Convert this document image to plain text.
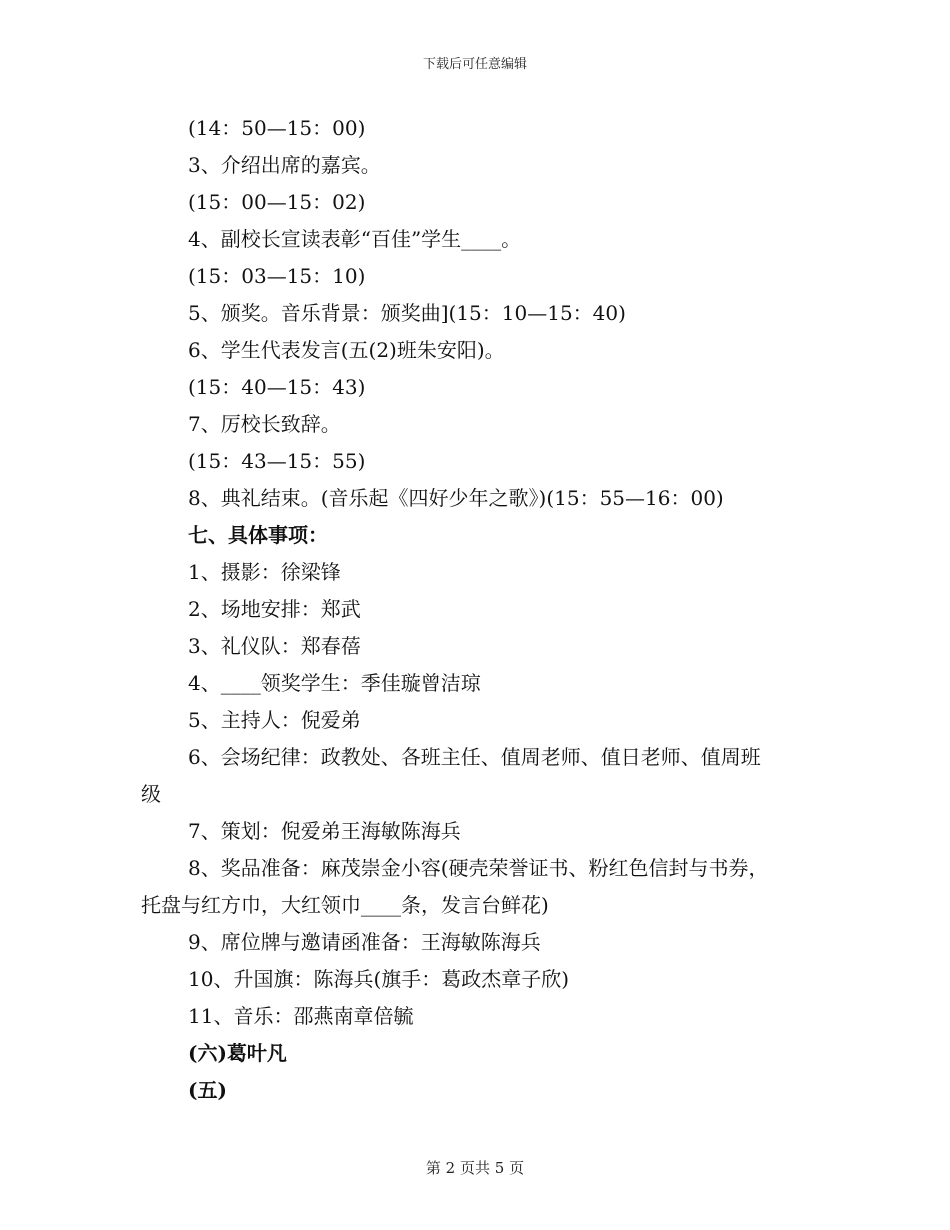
下载后可任意编辑
(14：50—15：00)
3、介绍出席的嘉宾。
(15：00—15：02)
4、副校长宣读表彰“百佳”学生____。
(15：03—15：10)
5、颁奖。音乐背景：颁奖曲](15：10—15：40)
6、学生代表发言(五(2)班朱安阳)。
(15：40—15：43)
7、厉校长致辞。
(15：43—15：55)
8、典礼结束。(音乐起《四好少年之歌》)(15：55—16：00)
七、具体事项：
1、摄影：徐梁锋
2、场地安排：郑武
3、礼仪队：郑春蓓
4、____领奖学生：季佳璇曾洁琼
5、主持人：倪爱弟
6、会场纪律：政教处、各班主任、值周老师、值日老师、值周班
级
7、策划：倪爱弟王海敏陈海兵
8、奖品准备：麻茂崇金小容(硬壳荣誉证书、粉红色信封与书券，
托盘与红方巾，大红领巾____条，发言台鲜花)
9、席位牌与邀请函准备：王海敏陈海兵
10、升国旗：陈海兵(旗手：葛政杰章子欣)
11、音乐：邵燕南章倍毓
(六)葛叶凡
(五)
第 2 页共 5 页
